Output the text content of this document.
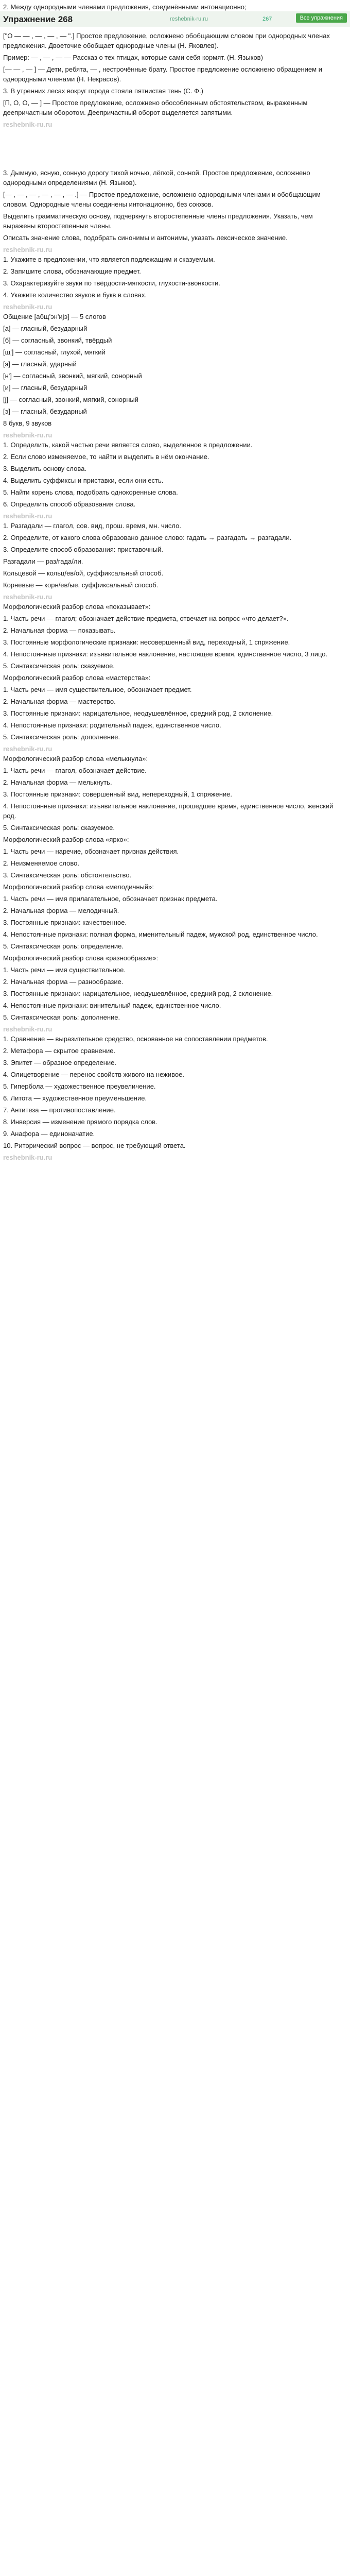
2. Между однородными членами предложения, соединёнными интонационно;
Упражнение 268	reshebnik-ru.ru	267	Все упражнения
["О — — , — , — , — ".] Простое предложение, осложнено обобщающим словом при однородных членах предложения. Двоеточие обобщает однородные члены (Н. Яковлев).
Пример: — , — , — — Рассказ о тех птицах, которые сами себя кормят. (Н. Языков)
[— — , — ] — Дети, ребята, — , нестрочённые брату. Простое предложение осложнено обращением и однородными членами (Н. Некрасов).
3. В утренних лесах вокруг города стояла пятнистая тень (С. Ф.)
[П, О, О, — ] — Простое предложение, осложнено обособленным обстоятельством, выраженным деепричастным оборотом. Деепричастный оборот выделяется запятыми.
reshebnik-ru.ru
3. Дымную, ясную, сонную дорогу тихой ночью, лёгкой, сонной. Простое предложение, осложнено однородными определениями (Н. Языков).
[— , — , — , — , — , — .] — Простое предложение, осложнено однородными членами и обобщающим словом. Однородные члены соединены интонационно, без союзов.
Выделить грамматическую основу, подчеркнуть второстепенные члены предложения. Указать, чем выражены второстепенные члены.
Описать значение слова, подобрать синонимы и антонимы, указать лексическое значение.
reshebnik-ru.ru
1. Укажите в предложении, что является подлежащим и сказуемым.
2. Запишите слова, обозначающие предмет.
3. Охарактеризуйте звуки по твёрдости-мягкости, глухости-звонкости.
4. Укажите количество звуков и букв в словах.
reshebnik-ru.ru
Общение [абщ'эн'иjэ] — 5 слогов
[а] — гласный, безударный
[б] — согласный, звонкий, твёрдый
[щ'] — согласный, глухой, мягкий
[э] — гласный, ударный
[н'] — согласный, звонкий, мягкий, сонорный
[и] — гласный, безударный
[j] — согласный, звонкий, мягкий, сонорный
[э] — гласный, безударный
8 букв, 9 звуков
reshebnik-ru.ru
1. Определить, какой частью речи является слово, выделенное в предложении.
2. Если слово изменяемое, то найти и выделить в нём окончание.
3. Выделить основу слова.
4. Выделить суффиксы и приставки, если они есть.
5. Найти корень слова, подобрать однокоренные слова.
6. Определить способ образования слова.
reshebnik-ru.ru
1. Разгадали — глагол, сов. вид, прош. время, мн. число.
2. Определите, от какого слова образовано данное слово: гадать → разгадать → разгадали.
3. Определите способ образования: приставочный.
Разгадали — раз/гада/ли.
Кольцевой — кольц/ев/ой, суффиксальный способ.
Корневые — корн/ев/ые, суффиксальный способ.
reshebnik-ru.ru
Морфологический разбор слова «показывает»:
1. Часть речи — глагол; обозначает действие предмета, отвечает на вопрос «что делает?».
2. Начальная форма — показывать.
3. Постоянные морфологические признаки: несовершенный вид, переходный, 1 спряжение.
4. Непостоянные признаки: изъявительное наклонение, настоящее время, единственное число, 3 лицо.
5. Синтаксическая роль: сказуемое.
Морфологический разбор слова «мастерства»:
1. Часть речи — имя существительное, обозначает предмет.
2. Начальная форма — мастерство.
3. Постоянные признаки: нарицательное, неодушевлённое, средний род, 2 склонение.
4. Непостоянные признаки: родительный падеж, единственное число.
5. Синтаксическая роль: дополнение.
reshebnik-ru.ru
Морфологический разбор слова «мелькнула»:
1. Часть речи — глагол, обозначает действие.
2. Начальная форма — мелькнуть.
3. Постоянные признаки: совершенный вид, непереходный, 1 спряжение.
4. Непостоянные признаки: изъявительное наклонение, прошедшее время, единственное число, женский род.
5. Синтаксическая роль: сказуемое.
Морфологический разбор слова «ярко»:
1. Часть речи — наречие, обозначает признак действия.
2. Неизменяемое слово.
3. Синтаксическая роль: обстоятельство.
Морфологический разбор слова «мелодичный»:
1. Часть речи — имя прилагательное, обозначает признак предмета.
2. Начальная форма — мелодичный.
3. Постоянные признаки: качественное.
4. Непостоянные признаки: полная форма, именительный падеж, мужской род, единственное число.
5. Синтаксическая роль: определение.
Морфологический разбор слова «разнообразие»:
1. Часть речи — имя существительное.
2. Начальная форма — разнообразие.
3. Постоянные признаки: нарицательное, неодушевлённое, средний род, 2 склонение.
4. Непостоянные признаки: винительный падеж, единственное число.
5. Синтаксическая роль: дополнение.
reshebnik-ru.ru
1. Сравнение — выразительное средство, основанное на сопоставлении предметов.
2. Метафора — скрытое сравнение.
3. Эпитет — образное определение.
4. Олицетворение — перенос свойств живого на неживое.
5. Гипербола — художественное преувеличение.
6. Литота — художественное преуменьшение.
7. Антитеза — противопоставление.
8. Инверсия — изменение прямого порядка слов.
9. Анафора — единоначатие.
10. Риторический вопрос — вопрос, не требующий ответа.
reshebnik-ru.ru
